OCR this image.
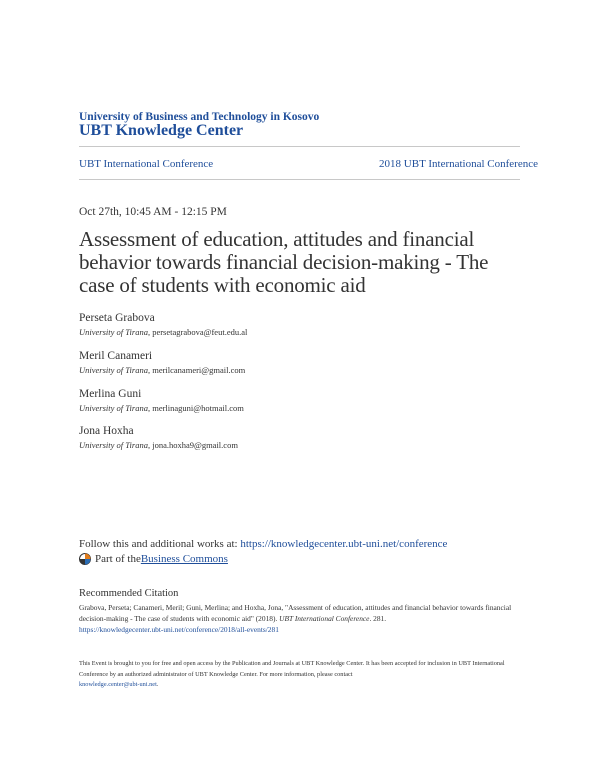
University of Business and Technology in Kosovo
UBT Knowledge Center
UBT International Conference	2018 UBT International Conference
Oct 27th, 10:45 AM - 12:15 PM
Assessment of education, attitudes and financial behavior towards financial decision-making - The case of students with economic aid
Perseta Grabova
University of Tirana, persetagrabova@feut.edu.al
Meril Canameri
University of Tirana, merilcanameri@gmail.com
Merlina Guni
University of Tirana, merlinaguni@hotmail.com
Jona Hoxha
University of Tirana, jona.hoxha9@gmail.com
Follow this and additional works at: https://knowledgecenter.ubt-uni.net/conference
Part of the Business Commons
Recommended Citation
Grabova, Perseta; Canameri, Meril; Guni, Merlina; and Hoxha, Jona, "Assessment of education, attitudes and financial behavior towards financial decision-making - The case of students with economic aid" (2018). UBT International Conference. 281.
https://knowledgecenter.ubt-uni.net/conference/2018/all-events/281
This Event is brought to you for free and open access by the Publication and Journals at UBT Knowledge Center. It has been accepted for inclusion in UBT International Conference by an authorized administrator of UBT Knowledge Center. For more information, please contact
knowledge.center@ubt-uni.net.
